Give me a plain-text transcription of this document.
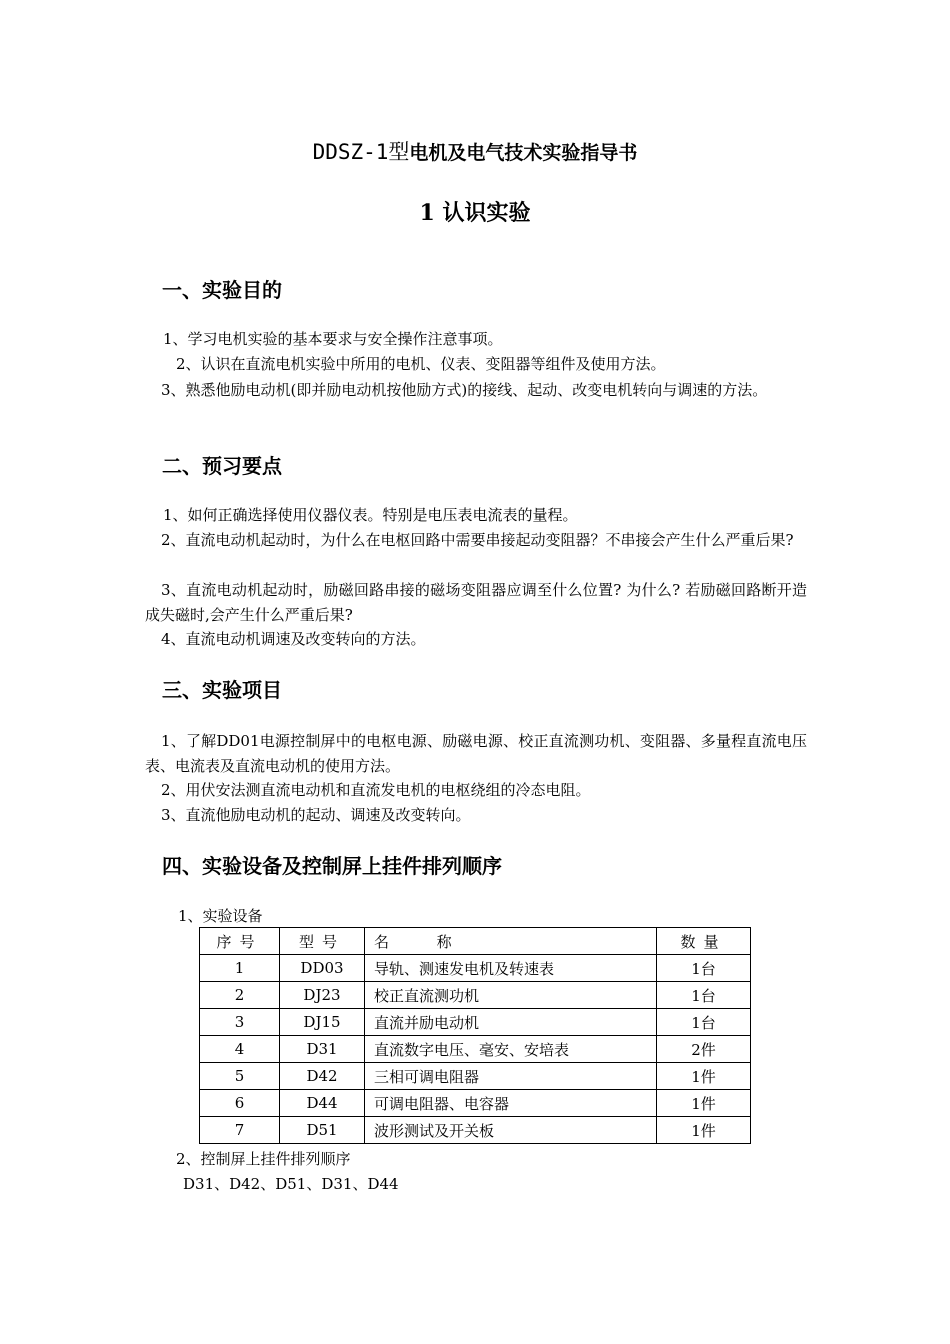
DDSZ-1型电机及电气技术实验指导书
1 认识实验
一、实验目的
1、学习电机实验的基本要求与安全操作注意事项。
2、认识在直流电机实验中所用的电机、仪表、变阻器等组件及使用方法。
3、熟悉他励电动机(即并励电动机按他励方式)的接线、起动、改变电机转向与调速的方法。
二、预习要点
1、如何正确选择使用仪器仪表。特别是电压表电流表的量程。
2、直流电动机起动时，为什么在电枢回路中需要串接起动变阻器？不串接会产生什么严重后果?
3、直流电动机起动时，励磁回路串接的磁场变阻器应调至什么位置? 为什么? 若励磁回路断开造成失磁时,会产生什么严重后果?
4、直流电动机调速及改变转向的方法。
三、实验项目
1、了解DD01电源控制屏中的电枢电源、励磁电源、校正直流测功机、变阻器、多量程直流电压表、电流表及直流电动机的使用方法。
2、用伏安法测直流电动机和直流发电机的电枢绕组的冷态电阻。
3、直流他励电动机的起动、调速及改变转向。
四、实验设备及控制屏上挂件排列顺序
1、实验设备
序号	型号	名          称	数量
1	DD03	导轨、测速发电机及转速表	1台
2	DJ23	校正直流测功机	1台
3	DJ15	直流并励电动机	1台
4	D31	直流数字电压、毫安、安培表	2件
5	D42	三相可调电阻器	1件
6	D44	可调电阻器、电容器	1件
7	D51	波形测试及开关板	1件
2、控制屏上挂件排列顺序
D31、D42、D51、D31、D44
